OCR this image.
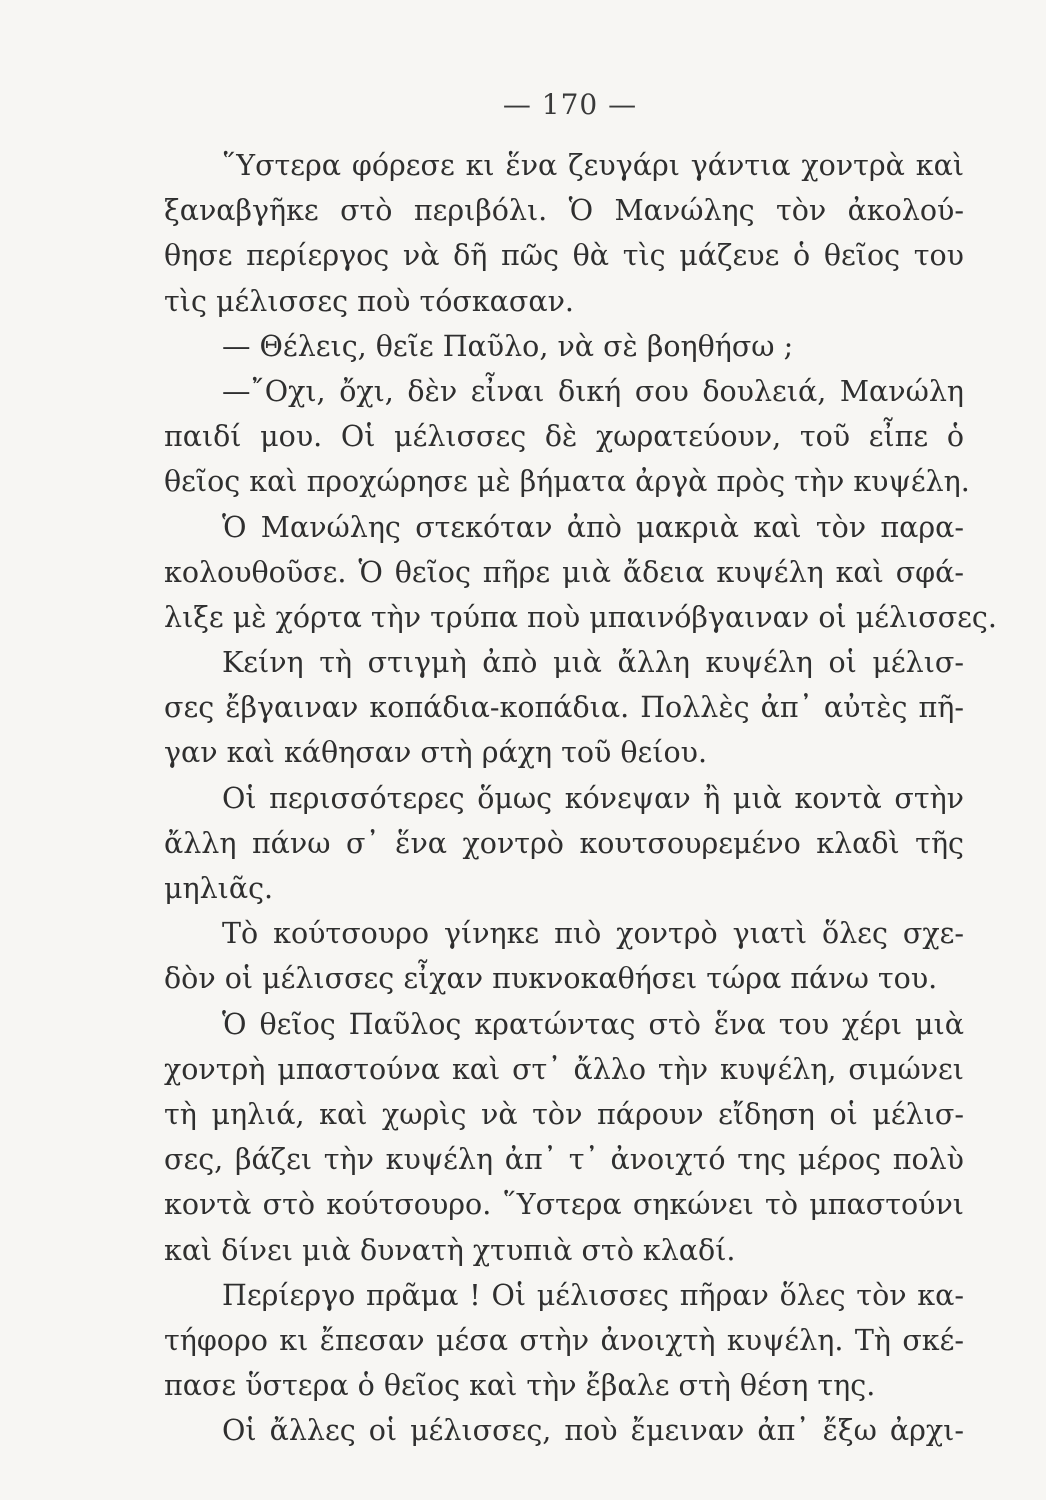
— 170 —
῞Υστερα φόρεσε κι ἕνα ζευγάρι γάντια χοντρὰ καὶ
ξαναβγῆκε στὸ περιβόλι. Ὁ Μανώλης τὸν ἀκολού-
θησε περίεργος νὰ δῆ πῶς θὰ τὶς μάζευε ὁ θεῖος του
τὶς μέλισσες ποὺ τόσκασαν.
— Θέλεις, θεῖε Παῦλο, νὰ σὲ βοηθήσω ;
—῎Οχι, ὄχι, δὲν εἶναι δική σου δουλειά, Μανώλη
παιδί μου. Οἱ μέλισσες δὲ χωρατεύουν, τοῦ εἶπε ὁ
θεῖος καὶ προχώρησε μὲ βήματα ἀργὰ πρὸς τὴν κυψέλη.
Ὁ Μανώλης στεκόταν ἀπὸ μακριὰ καὶ τὸν παρα-
κολουθοῦσε. Ὁ θεῖος πῆρε μιὰ ἄδεια κυψέλη καὶ σφά-
λιξε μὲ χόρτα τὴν τρύπα ποὺ μπαινόβγαιναν οἱ μέλισσες.
Κείνη τὴ στιγμὴ ἀπὸ μιὰ ἄλλη κυψέλη οἱ μέλισ-
σες ἔβγαιναν κοπάδια-κοπάδια. Πολλὲς ἀπ᾿ αὐτὲς πῆ-
γαν καὶ κάθησαν στὴ ράχη τοῦ θείου.
Οἱ περισσότερες ὅμως κόνεψαν ἢ μιὰ κοντὰ στὴν
ἄλλη πάνω σ᾿ ἕνα χοντρὸ κουτσουρεμένο κλαδὶ τῆς
μηλιᾶς.
Τὸ κούτσουρο γίνηκε πιὸ χοντρὸ γιατὶ ὅλες σχε-
δὸν οἱ μέλισσες εἶχαν πυκνοκαθήσει τώρα πάνω του.
Ὁ θεῖος Παῦλος κρατώντας στὸ ἕνα του χέρι μιὰ
χοντρὴ μπαστούνα καὶ στ᾿ ἄλλο τὴν κυψέλη, σιμώνει
τὴ μηλιά, καὶ χωρὶς νὰ τὸν πάρουν εἴδηση οἱ μέλισ-
σες, βάζει τὴν κυψέλη ἀπ᾿ τ᾿ ἀνοιχτό της μέρος πολὺ
κοντὰ στὸ κούτσουρο. ῞Υστερα σηκώνει τὸ μπαστούνι
καὶ δίνει μιὰ δυνατὴ χτυπιὰ στὸ κλαδί.
Περίεργο πρᾶμα ! Οἱ μέλισσες πῆραν ὅλες τὸν κα-
τήφορο κι ἔπεσαν μέσα στὴν ἀνοιχτὴ κυψέλη. Τὴ σκέ-
πασε ὕστερα ὁ θεῖος καὶ τὴν ἔβαλε στὴ θέση της.
Οἱ ἄλλες οἱ μέλισσες, ποὺ ἔμειναν ἀπ᾿ ἔξω ἀρχι-
